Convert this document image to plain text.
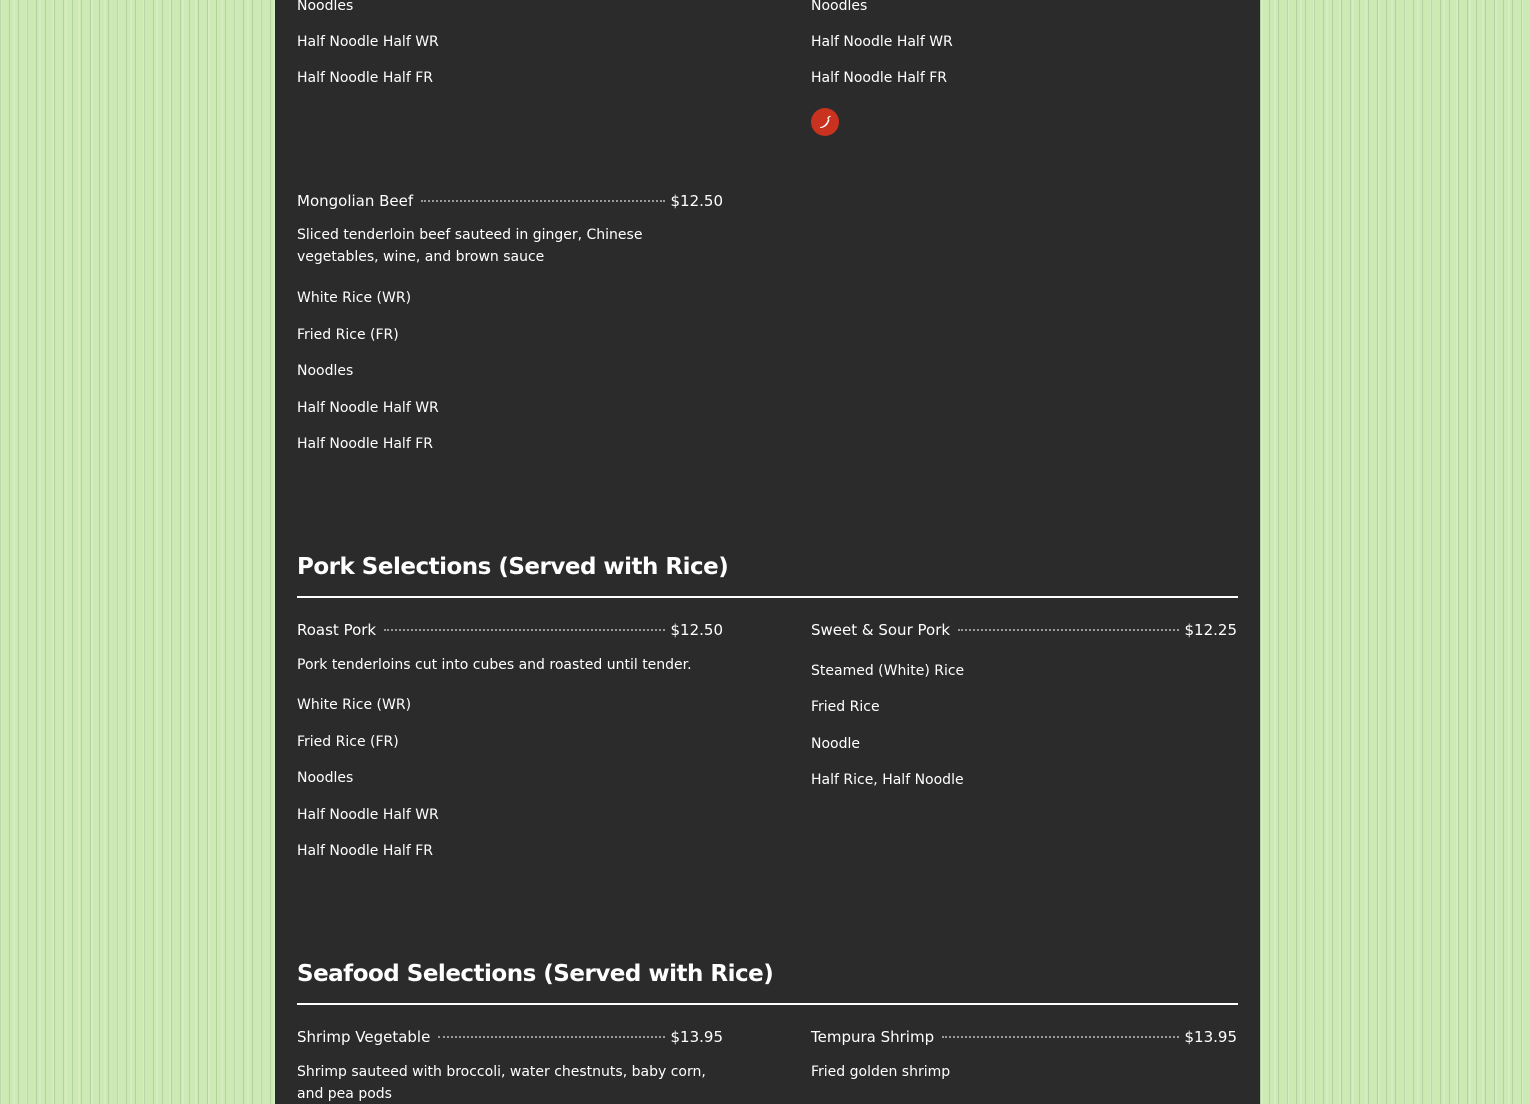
Noodles
Half Noodle Half WR
Half Noodle Half FR
Noodles
Half Noodle Half WR
Half Noodle Half FR
Mongolian Beef	$12.50
Sliced tenderloin beef sauteed in ginger, Chinese vegetables, wine, and brown sauce
White Rice (WR)
Fried Rice (FR)
Noodles
Half Noodle Half WR
Half Noodle Half FR
Pork Selections (Served with Rice)
Roast Pork	$12.50
Pork tenderloins cut into cubes and roasted until tender.
White Rice (WR)
Fried Rice (FR)
Noodles
Half Noodle Half WR
Half Noodle Half FR
Sweet & Sour Pork	$12.25
Steamed (White) Rice
Fried Rice
Noodle
Half Rice, Half Noodle
Seafood Selections (Served with Rice)
Shrimp Vegetable	$13.95
Shrimp sauteed with broccoli, water chestnuts, baby corn, and pea pods
Tempura Shrimp	$13.95
Fried golden shrimp
